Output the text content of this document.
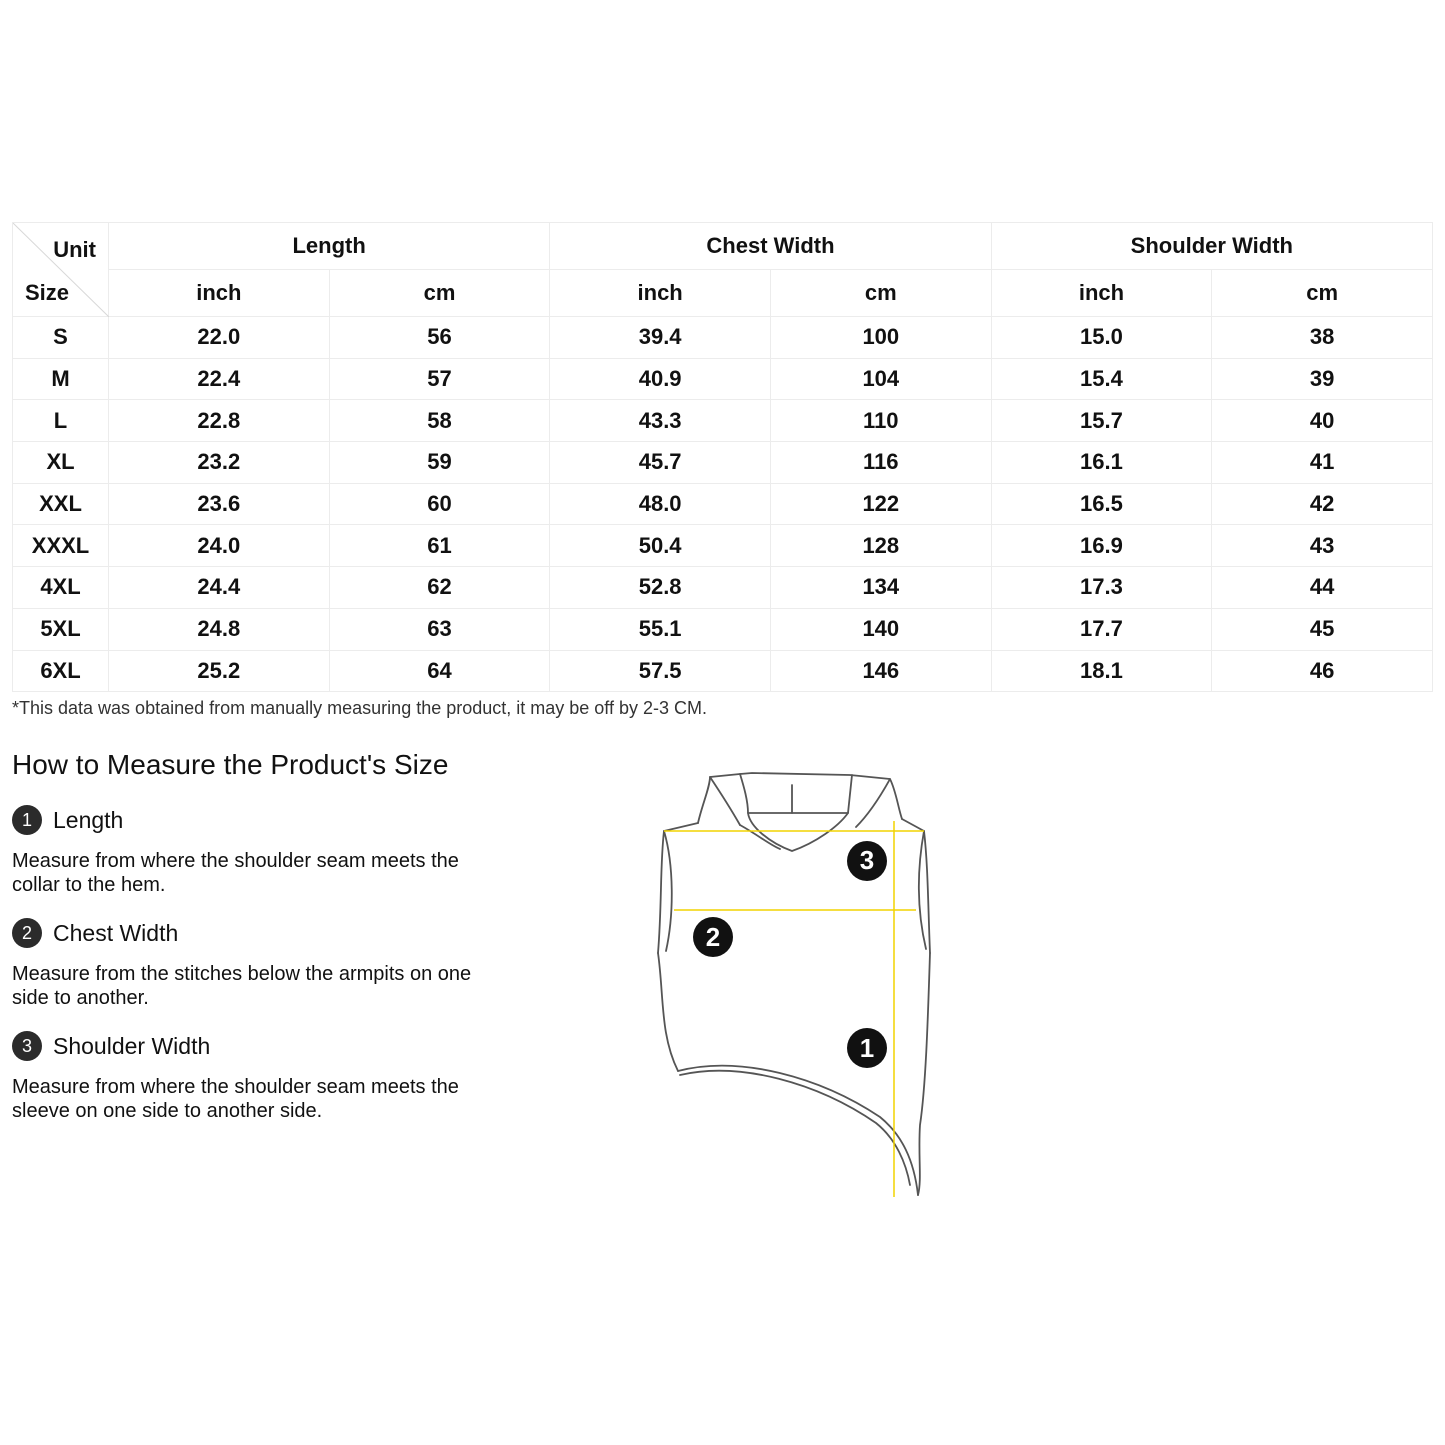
Unit
Size	Length		Chest Width		Shoulder Width	
	inch	cm	inch	cm	inch	cm
S	22.0	56	39.4	100	15.0	38
M	22.4	57	40.9	104	15.4	39
L	22.8	58	43.3	110	15.7	40
XL	23.2	59	45.7	116	16.1	41
XXL	23.6	60	48.0	122	16.5	42
XXXL	24.0	61	50.4	128	16.9	43
4XL	24.4	62	52.8	134	17.3	44
5XL	24.8	63	55.1	140	17.7	45
6XL	25.2	64	57.5	146	18.1	46
*This data was obtained from manually measuring the product, it may be off by 2-3 CM.
How to Measure the Product's Size
1 Length
Measure from where the shoulder seam meets the collar to the hem.
2 Chest Width
Measure from the stitches below the armpits on one side to another.
3 Shoulder Width
Measure from where the shoulder seam meets the sleeve on one side to another side.
3
2
1
